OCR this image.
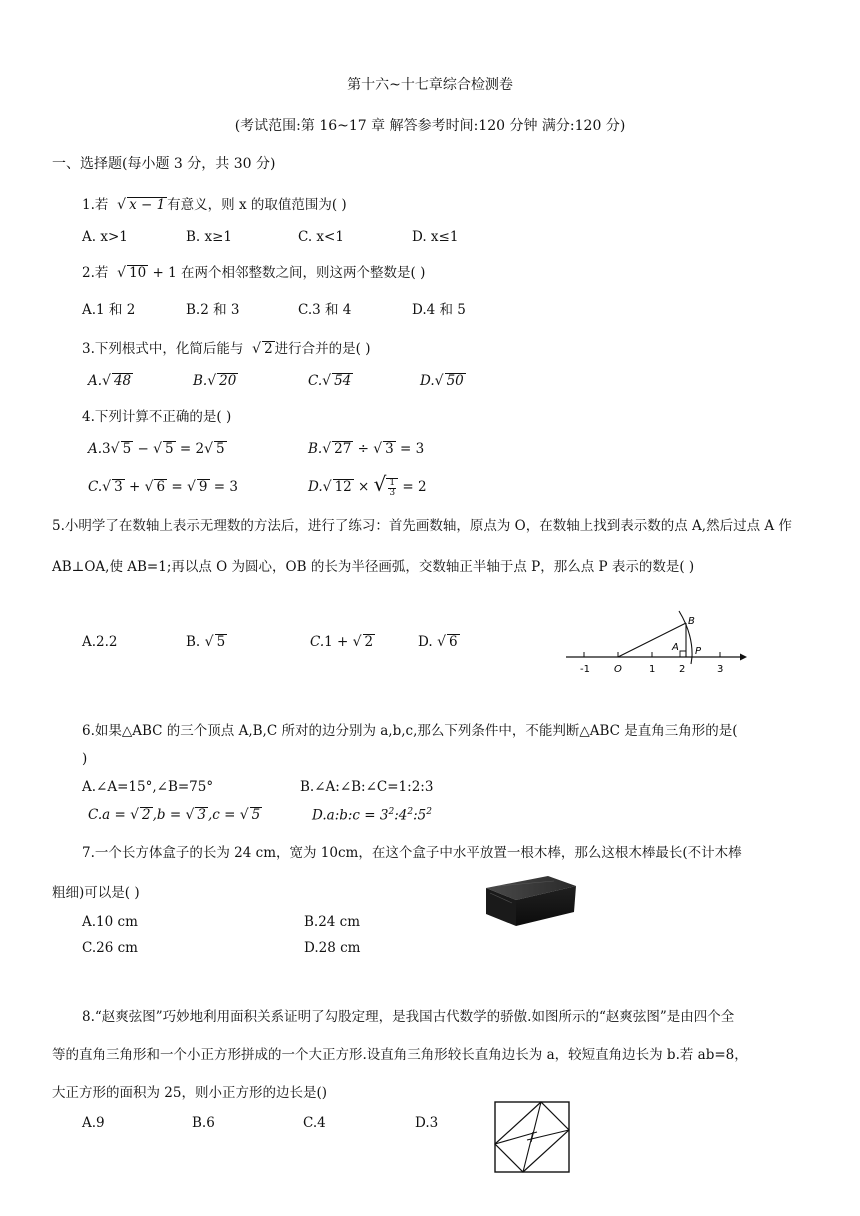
第十六~十七章综合检测卷
(考试范围:第 16~17 章 解答参考时间:120 分钟 满分:120 分)
一、选择题(每小题 3 分，共 30 分)
1.若  √ x − 1 有意义，则 x 的取值范围为( )
A. x>1	B. x≥1	C. x<1	D. x≤1
2.若  √ 10 + 1 在两个相邻整数之间，则这两个整数是( )
A.1 和 2	B.2 和 3	C.3 和 4	D.4 和 5
3.下列根式中，化简后能与  √ 2 进行合并的是( )
A.√ 48	B.√ 20	C.√ 54	D.√ 50
4.下列计算不正确的是( )
A.3√ 5 − √ 5 = 2√ 5	B.√ 27 ÷ √ 3 = 3
C.√ 3 + √ 6 = √ 9 = 3	D.√ 12 × √ $\frac{1}{3} = 2$
5.小明学了在数轴上表示无理数的方法后，进行了练习：首先画数轴，原点为 O，在数轴上找到表示数的点 A,然后过点 A 作 AB⊥OA,使 AB=1;再以点 O 为圆心，OB 的长为半径画弧，交数轴正半轴于点 P，那么点 P 表示的数是( )
A.2.2	B. √ 5	C.1 + √ 2	D. √ 6
-1 O	1 2	3
B
A P
6.如果△ABC 的三个顶点 A,B,C 所对的边分别为 a,b,c,那么下列条件中，不能判断△ABC 是直角三角形的是(
)
A.∠A=15°,∠B=75°	B.∠A:∠B:∠C=1:2:3
C.a = √ 2 ,b = √ 3 ,c = √ 5	D.a:b:c = $3^2:4^2:5^2$
7.一个长方体盒子的长为 24 cm，宽为 10cm，在这个盒子中水平放置一根木棒，那么这根木棒最长(不计木棒
粗细)可以是( )
A.10 cm	B.24 cm
C.26 cm	D.28 cm
8.“赵爽弦图”巧妙地利用面积关系证明了勾股定理，是我国古代数学的骄傲.如图所示的“赵爽弦图”是由四个全
等的直角三角形和一个小正方形拼成的一个大正方形.设直角三角形较长直角边长为 a，较短直角边长为 b.若 ab=8，
大正方形的面积为 25，则小正方形的边长是()
A.9	B.6	C.4	D.3
